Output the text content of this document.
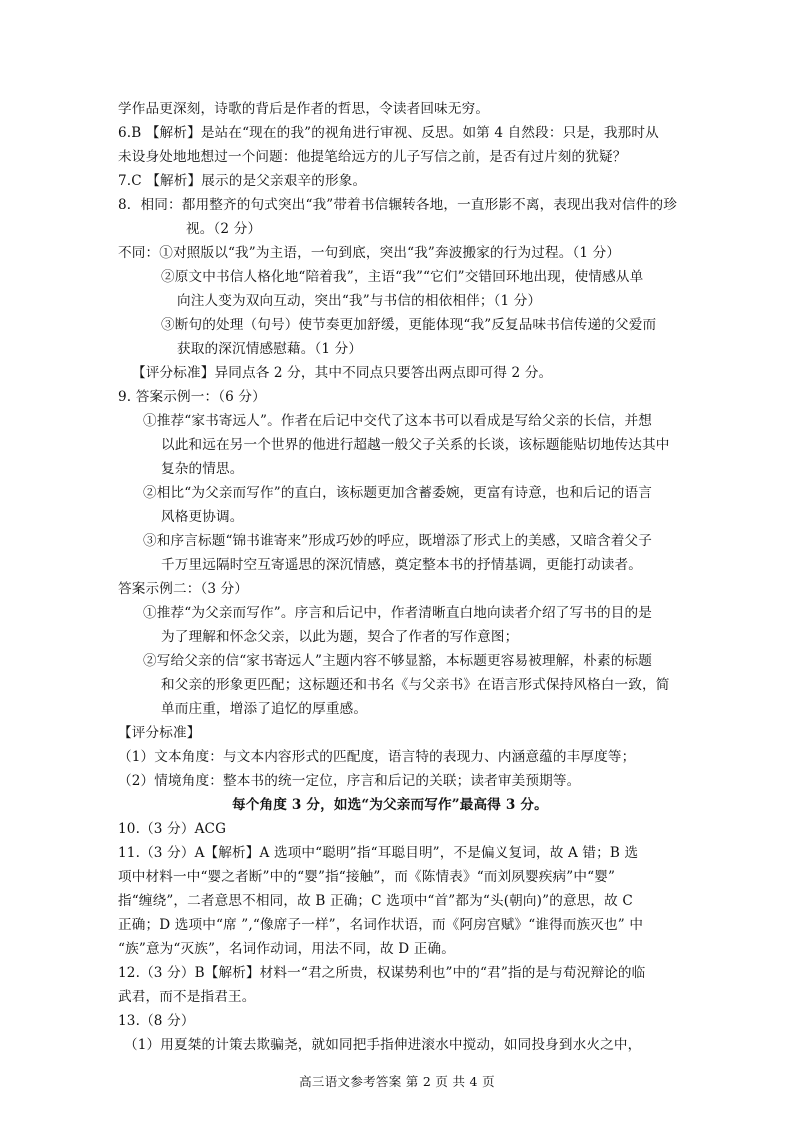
学作品更深刻，诗歌的背后是作者的哲思，令读者回味无穷。
6.B 【解析】是站在“现在的我”的视角进行审视、反思。如第 4 自然段：只是，我那时从
未设身处地地想过一个问题：他提笔给远方的儿子写信之前，是否有过片刻的犹疑？
7.C 【解析】展示的是父亲艰辛的形象。
8．相同：都用整齐的句式突出“我”带着书信辗转各地，一直形影不离，表现出我对信件的珍
视。（2 分）
不同：①对照版以“我”为主语，一句到底，突出“我”奔波搬家的行为过程。（1 分）
②原文中书信人格化地“陪着我”，主语“我”“它们”交错回环地出现，使情感从单
向注人变为双向互动，突出“我”与书信的相依相伴；（1 分）
③断句的处理（句号）使节奏更加舒缓，更能体现“我”反复品味书信传递的父爱而
获取的深沉情感慰藉。（1 分）
【评分标准】异同点各 2 分，其中不同点只要答出两点即可得 2 分。
9. 答案示例一：（6 分）
①推荐“家书寄远人”。作者在后记中交代了这本书可以看成是写给父亲的长信，并想
以此和远在另一个世界的他进行超越一般父子关系的长谈，该标题能贴切地传达其中
复杂的情思。
②相比“为父亲而写作”的直白，该标题更加含蓄委婉，更富有诗意，也和后记的语言
风格更协调。
③和序言标题“锦书谁寄来”形成巧妙的呼应，既增添了形式上的美感，又暗含着父子
千万里远隔时空互寄遥思的深沉情感，奠定整本书的抒情基调，更能打动读者。
答案示例二：（3 分）
①推荐“为父亲而写作”。序言和后记中，作者清晰直白地向读者介绍了写书的目的是
为了理解和怀念父亲，以此为题，契合了作者的写作意图；
②写给父亲的信“家书寄远人”主题内容不够显豁，本标题更容易被理解，朴素的标题
和父亲的形象更匹配；这标题还和书名《与父亲书》在语言形式保持风格白一致，简
单而庄重，增添了追忆的厚重感。
【评分标准】
（1）文本角度：与文本内容形式的匹配度，语言特的表现力、内涵意蕴的丰厚度等；
（2）情境角度：整本书的统一定位，序言和后记的关联；读者审美预期等。
每个角度 3 分，如选“为父亲而写作”最高得 3 分。
10.（3 分）ACG
11.（3 分）A【解析】A 选项中“聪明”指“耳聪目明”，不是偏义复词，故 A 错；B 选
项中材料一中“婴之者断”中的“婴”指“接触”，而《陈情表》“而刘夙婴疾病”中“婴”
指“缠绕”，二者意思不相同，故 B 正确；C 选项中“首”都为“头(朝向)”的意思，故 C
正确；D 选项中“席 ”,“像席子一样”，名词作状语，而《阿房宫赋》“谁得而族灭也” 中
“族”意为“灭族”，名词作动词，用法不同，故 D 正确。
12.（3 分）B【解析】材料一“君之所贵，权谋势利也”中的“君”指的是与荀況辩论的临
武君，而不是指君王。
13.（8 分）
（1）用夏桀的计策去欺骗尧，就如同把手指伸进滚水中搅动，如同投身到水火之中，
高三语文参考答案 第 2 页 共 4 页
